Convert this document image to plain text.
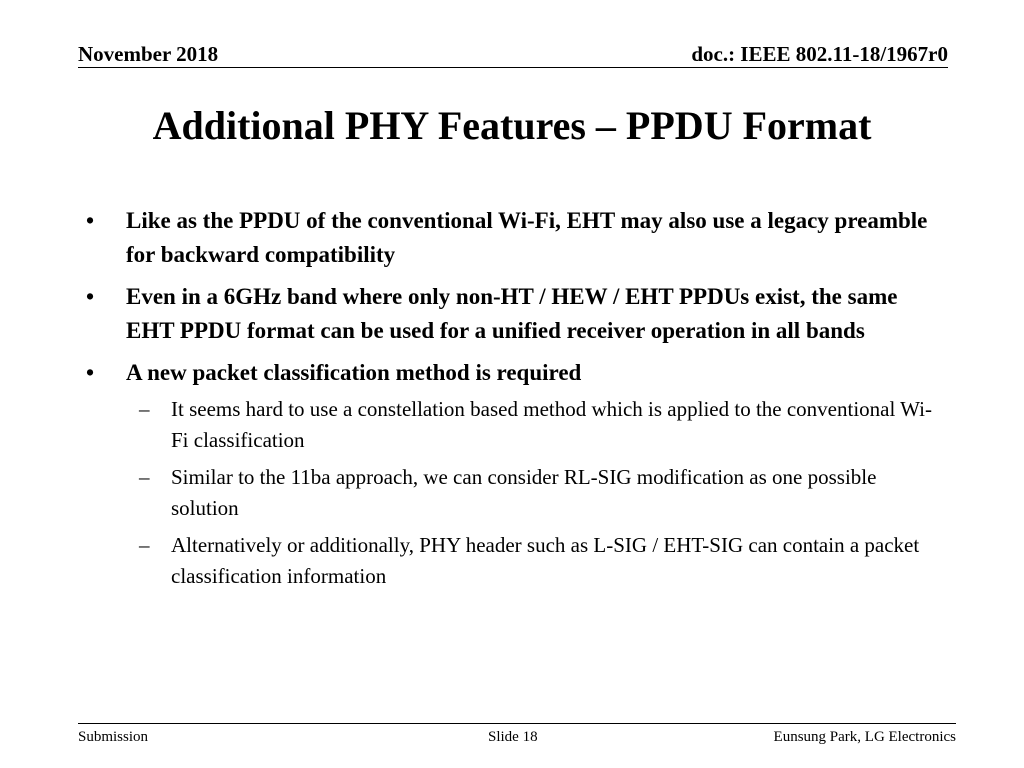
November 2018	doc.: IEEE 802.11-18/1967r0
Additional PHY Features – PPDU Format
• Like as the PPDU of the conventional Wi-Fi, EHT may also use a legacy preamble for backward compatibility
• Even in a 6GHz band where only non-HT / HEW / EHT PPDUs exist, the same EHT PPDU format can be used for a unified receiver operation in all bands
• A new packet classification method is required
– It seems hard to use a constellation based method which is applied to the conventional Wi-Fi classification
– Similar to the 11ba approach, we can consider RL-SIG modification as one possible solution
– Alternatively or additionally, PHY header such as L-SIG / EHT-SIG can contain a packet classification information
Submission	Slide 18	Eunsung Park, LG Electronics
